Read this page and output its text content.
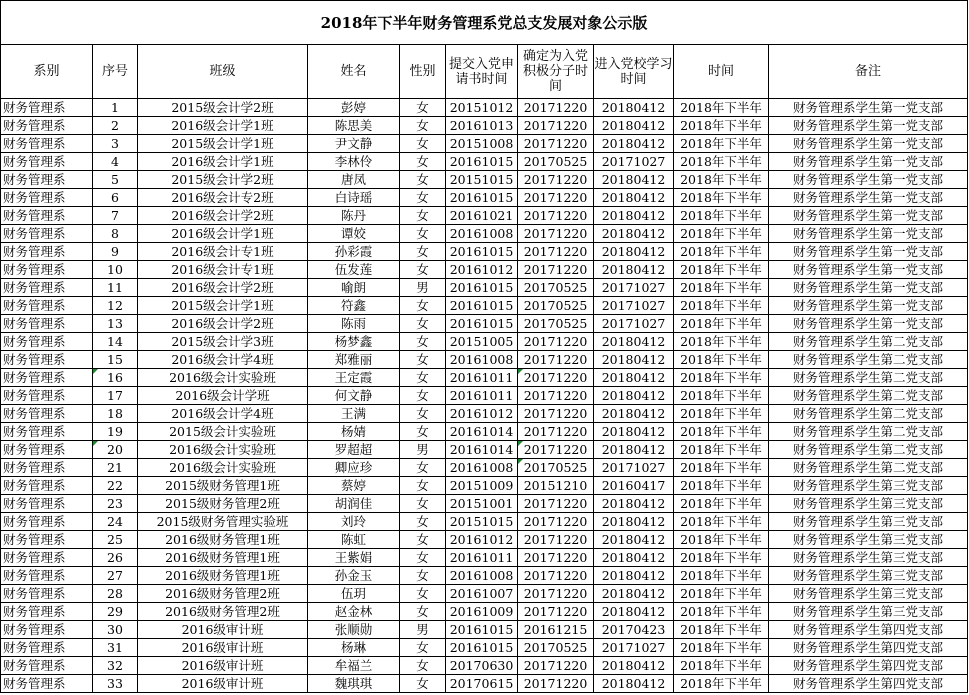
2018年下半年财务管理系党总支发展对象公示版									
系别	序号	班级	姓名	性别	提交入党申请书时间	确定为入党积极分子时间	进入党校学习时间	时间	备注
财务管理系	1	2015级会计学2班	彭婷	女	20151012	20171220	20180412	2018年下半年	财务管理系学生第一党支部
财务管理系	2	2016级会计学1班	陈思美	女	20161013	20171220	20180412	2018年下半年	财务管理系学生第一党支部
财务管理系	3	2015级会计学1班	尹文静	女	20151008	20171220	20180412	2018年下半年	财务管理系学生第一党支部
财务管理系	4	2016级会计学1班	李林伶	女	20161015	20170525	20171027	2018年下半年	财务管理系学生第一党支部
财务管理系	5	2015级会计学2班	唐凤	女	20151015	20171220	20180412	2018年下半年	财务管理系学生第一党支部
财务管理系	6	2016级会计专2班	白诗瑶	女	20161015	20171220	20180412	2018年下半年	财务管理系学生第一党支部
财务管理系	7	2016级会计学2班	陈丹	女	20161021	20171220	20180412	2018年下半年	财务管理系学生第一党支部
财务管理系	8	2016级会计学1班	谭姣	女	20161008	20171220	20180412	2018年下半年	财务管理系学生第一党支部
财务管理系	9	2016级会计专1班	孙彩霞	女	20161015	20171220	20180412	2018年下半年	财务管理系学生第一党支部
财务管理系	10	2016级会计专1班	伍发莲	女	20161012	20171220	20180412	2018年下半年	财务管理系学生第一党支部
财务管理系	11	2016级会计学2班	喻朗	男	20161015	20170525	20171027	2018年下半年	财务管理系学生第一党支部
财务管理系	12	2015级会计学1班	符鑫	女	20161015	20170525	20171027	2018年下半年	财务管理系学生第一党支部
财务管理系	13	2016级会计学2班	陈雨	女	20161015	20170525	20171027	2018年下半年	财务管理系学生第一党支部
财务管理系	14	2015级会计学3班	杨梦鑫	女	20151005	20171220	20180412	2018年下半年	财务管理系学生第二党支部
财务管理系	15	2016级会计学4班	郑雅丽	女	20161008	20171220	20180412	2018年下半年	财务管理系学生第二党支部
财务管理系	16	2016级会计实验班	王定霞	女	20161011	20171220	20180412	2018年下半年	财务管理系学生第二党支部
财务管理系	17	2016级会计学班	何文静	女	20161011	20171220	20180412	2018年下半年	财务管理系学生第二党支部
财务管理系	18	2016级会计学4班	王满	女	20161012	20171220	20180412	2018年下半年	财务管理系学生第二党支部
财务管理系	19	2015级会计实验班	杨婧	女	20161014	20171220	20180412	2018年下半年	财务管理系学生第二党支部
财务管理系	20	2016级会计实验班	罗超超	男	20161014	20171220	20180412	2018年下半年	财务管理系学生第二党支部
财务管理系	21	2016级会计实验班	卿应珍	女	20161008	20170525	20171027	2018年下半年	财务管理系学生第二党支部
财务管理系	22	2015级财务管理1班	蔡婷	女	20151009	20151210	20160417	2018年下半年	财务管理系学生第三党支部
财务管理系	23	2015级财务管理2班	胡润佳	女	20151001	20171220	20180412	2018年下半年	财务管理系学生第三党支部
财务管理系	24	2015级财务管理实验班	刘玲	女	20151015	20171220	20180412	2018年下半年	财务管理系学生第三党支部
财务管理系	25	2016级财务管理1班	陈虹	女	20161012	20171220	20180412	2018年下半年	财务管理系学生第三党支部
财务管理系	26	2016级财务管理1班	王紫娟	女	20161011	20171220	20180412	2018年下半年	财务管理系学生第三党支部
财务管理系	27	2016级财务管理1班	孙金玉	女	20161008	20171220	20180412	2018年下半年	财务管理系学生第三党支部
财务管理系	28	2016级财务管理2班	伍玥	女	20161007	20171220	20180412	2018年下半年	财务管理系学生第三党支部
财务管理系	29	2016级财务管理2班	赵金林	女	20161009	20171220	20180412	2018年下半年	财务管理系学生第三党支部
财务管理系	30	2016级审计班	张顺勋	男	20161015	20161215	20170423	2018年下半年	财务管理系学生第四党支部
财务管理系	31	2016级审计班	杨琳	女	20161015	20170525	20171027	2018年下半年	财务管理系学生第四党支部
财务管理系	32	2016级审计班	牟福兰	女	20170630	20171220	20180412	2018年下半年	财务管理系学生第四党支部
财务管理系	33	2016级审计班	魏琪琪	女	20170615	20171220	20180412	2018年下半年	财务管理系学生第四党支部
